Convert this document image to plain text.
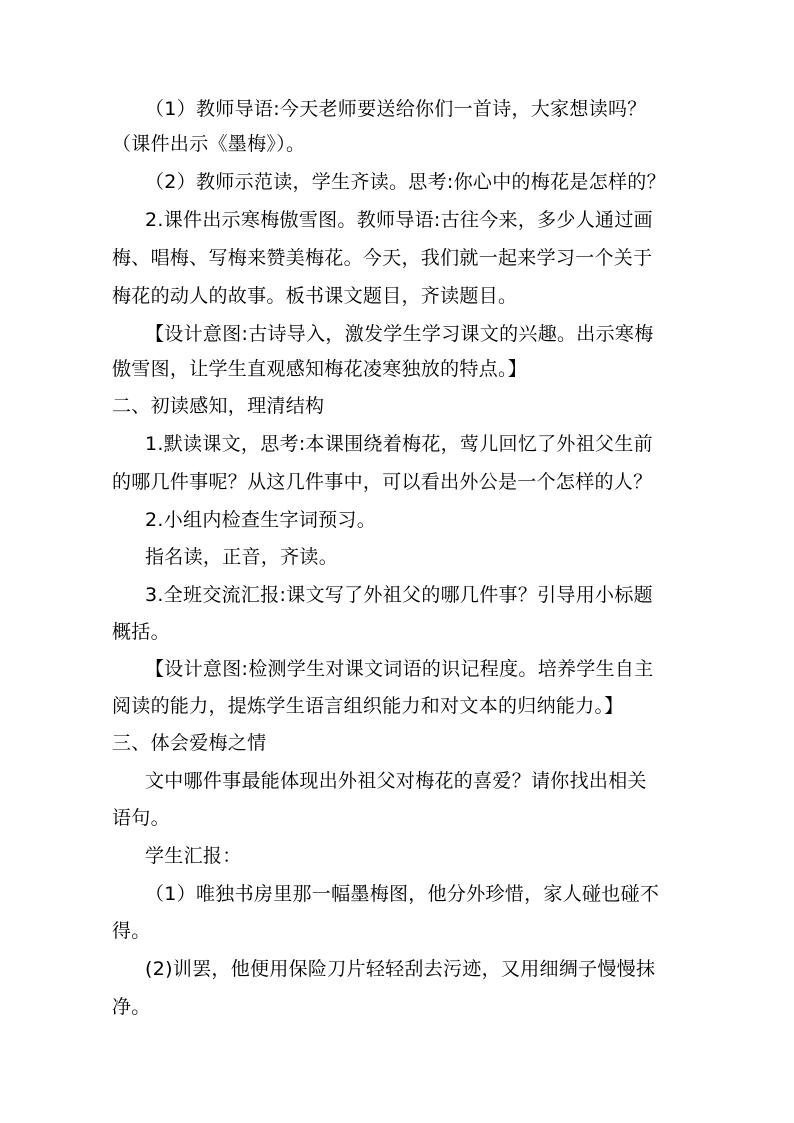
（1）教师导语:今天老师要送给你们一首诗，大家想读吗？
（课件出示《墨梅》）。
（2）教师示范读，学生齐读。思考:你心中的梅花是怎样的？
2.课件出示寒梅傲雪图。教师导语:古往今来，多少人通过画
梅、唱梅、写梅来赞美梅花。今天，我们就一起来学习一个关于
梅花的动人的故事。板书课文题目，齐读题目。
【设计意图:古诗导入，激发学生学习课文的兴趣。出示寒梅
傲雪图，让学生直观感知梅花凌寒独放的特点。】
二、初读感知，理清结构
1.默读课文，思考:本课围绕着梅花，莺儿回忆了外祖父生前
的哪几件事呢？从这几件事中，可以看出外公是一个怎样的人？
2.小组内检查生字词预习。
指名读，正音，齐读。
3.全班交流汇报:课文写了外祖父的哪几件事？引导用小标题
概括。
【设计意图:检测学生对课文词语的识记程度。培养学生自主
阅读的能力，提炼学生语言组织能力和对文本的归纳能力。】
三、体会爱梅之情
文中哪件事最能体现出外祖父对梅花的喜爱？请你找出相关
语句。
学生汇报：
（1）唯独书房里那一幅墨梅图，他分外珍惜，家人碰也碰不
得。
(2)训罢，他便用保险刀片轻轻刮去污迹，又用细绸子慢慢抹
净。
